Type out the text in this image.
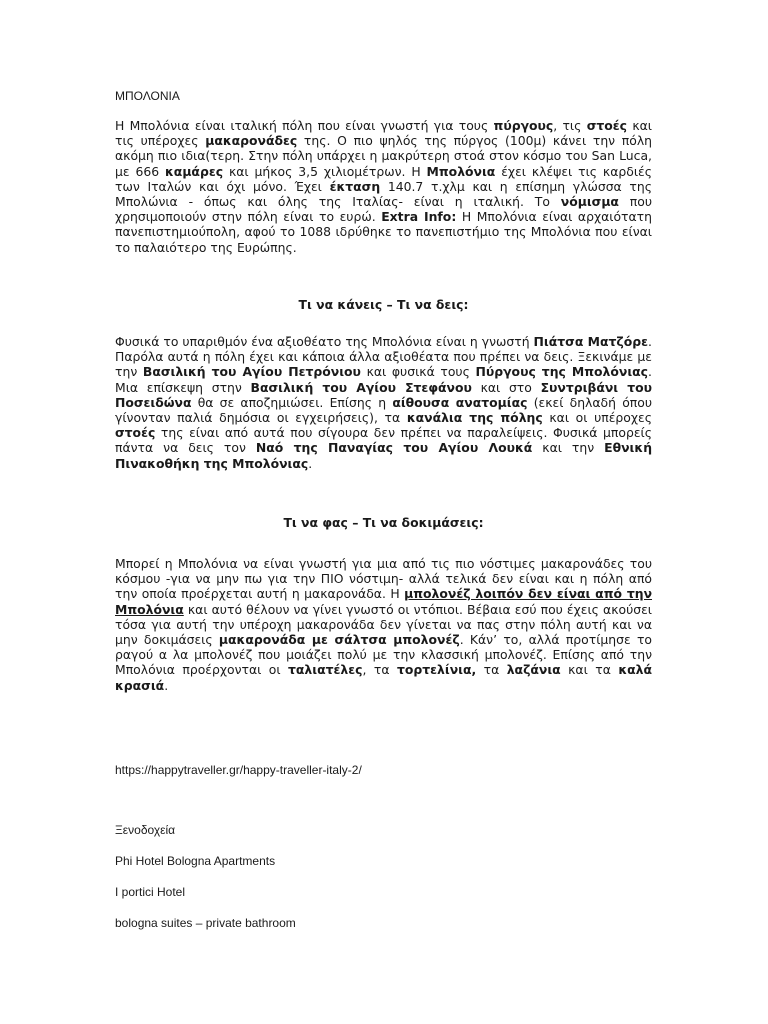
ΜΠΟΛΟΝΙΑ
Η Μπολόνια είναι ιταλική πόλη που είναι γνωστή για τους πύργους, τις στοές και τις υπέροχες μακαρονάδες της. Ο πιο ψηλός της πύργος (100μ) κάνει την πόλη ακόμη πιο ιδια(τερη. Στην πόλη υπάρχει η μακρύτερη στοά στον κόσμο του San Luca, με 666 καμάρες και μήκος 3,5 χιλιομέτρων. Η Μπολόνια έχει κλέψει τις καρδιές των Ιταλών και όχι μόνο. Έχει έκταση 140.7 τ.χλμ και η επίσημη γλώσσα της Μπολώνια - όπως και όλης της Ιταλίας- είναι η ιταλική. Το νόμισμα που χρησιμοποιούν στην πόλη είναι το ευρώ. Extra Info: Η Μπολόνια είναι αρχαιότατη πανεπιστημιούπολη, αφού το 1088 ιδρύθηκε το πανεπιστήμιο της Μπολόνια που είναι το παλαιότερο της Ευρώπης.
Τι να κάνεις – Τι να δεις:
Φυσικά το υπαριθμόν ένα αξιοθέατο της Μπολόνια είναι η γνωστή Πιάτσα Ματζόρε. Παρόλα αυτά η πόλη έχει και κάποια άλλα αξιοθέατα που πρέπει να δεις. Ξεκινάμε με την Βασιλική του Αγίου Πετρόνιου και φυσικά τους Πύργους της Μπολόνιας. Μια επίσκεψη στην Βασιλική του Αγίου Στεφάνου και στο Συντριβάνι του Ποσειδώνα θα σε αποζημιώσει. Επίσης η αίθουσα ανατομίας (εκεί δηλαδή όπου γίνονταν παλιά δημόσια οι εγχειρήσεις), τα κανάλια της πόλης και οι υπέροχες στοές της είναι από αυτά που σίγουρα δεν πρέπει να παραλείψεις. Φυσικά μπορείς πάντα να δεις τον Ναό της Παναγίας του Αγίου Λουκά και την Εθνική Πινακοθήκη της Μπολόνιας.
Τι να φας – Τι να δοκιμάσεις:
Μπορεί η Μπολόνια να είναι γνωστή για μια από τις πιο νόστιμες μακαρονάδες του κόσμου -για να μην πω για την ΠΙΟ νόστιμη- αλλά τελικά δεν είναι και η πόλη από την οποία προέρχεται αυτή η μακαρονάδα. Η μπολονέζ λοιπόν δεν είναι από την Μπολόνια και αυτό θέλουν να γίνει γνωστό οι ντόπιοι. Βέβαια εσύ που έχεις ακούσει τόσα για αυτή την υπέροχη μακαρονάδα δεν γίνεται να πας στην πόλη αυτή και να μην δοκιμάσεις μακαρονάδα με σάλτσα μπολονέζ. Κάν’ το, αλλά προτίμησε το ραγού α λα μπολονέζ που μοιάζει πολύ με την κλασσική μπολονέζ. Επίσης από την Μπολόνια προέρχονται οι ταλιατέλες, τα τορτελίνια, τα λαζάνια και τα καλά κρασιά.
https://happytraveller.gr/happy-traveller-italy-2/
Ξενοδοχεία
Phi Hotel Bologna Apartments
I portici Hotel
bologna suites – private bathroom
